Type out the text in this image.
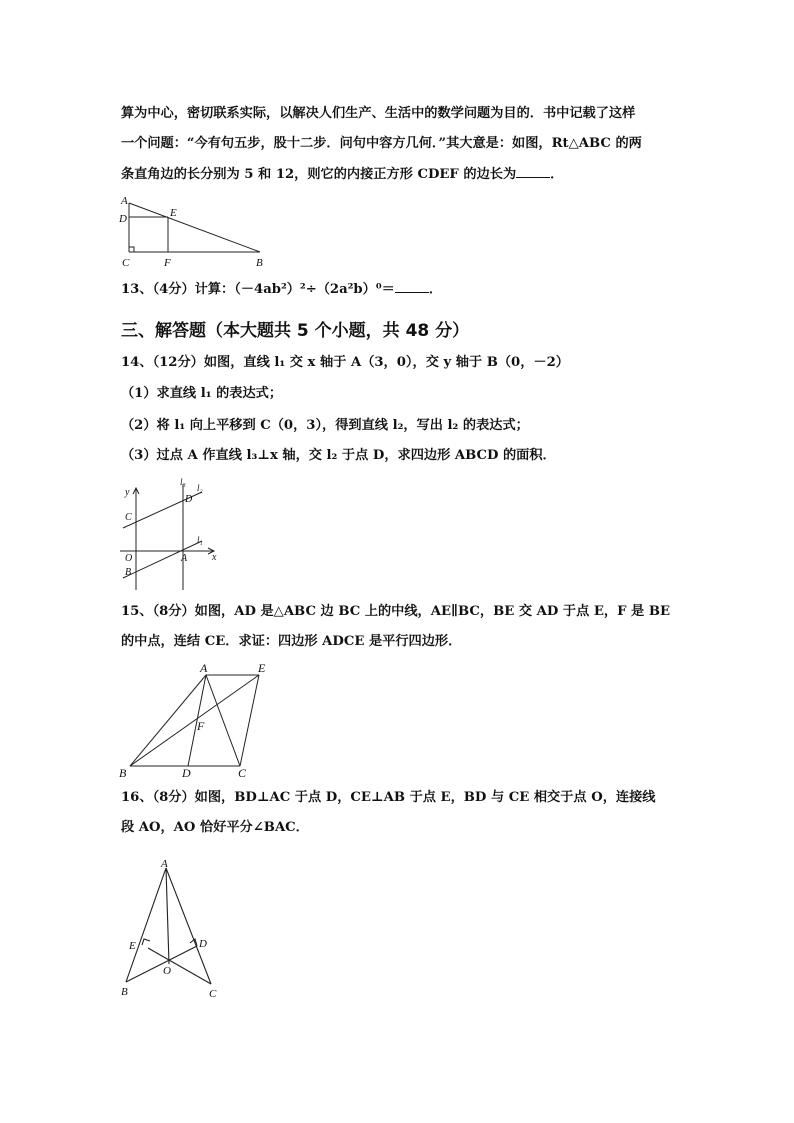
算为中心，密切联系实际，以解决人们生产、生活中的数学问题为目的．书中记载了这样
一个问题：“今有句五步，股十二步．问句中容方几何．”其大意是：如图，Rt△ABC 的两
条直角边的长分别为 5 和 12，则它的内接正方形 CDEF 的边长为	．
A
D	E
C	F	B
13、（4分）计算：（－4ab²）²÷（2a²b）⁰＝	．
三、解答题（本大题共 5 个小题，共 48 分）
14、（12分）如图，直线 l₁ 交 x 轴于 A（3，0），交 y 轴于 B（0，－2）
（1）求直线 l₁ 的表达式；
（2）将 l₁ 向上平移到 C（0，3），得到直线 l₂，写出 l₂ 的表达式；
（3）过点 A 作直线 l₃⊥x 轴，交 l₂ 于点 D，求四边形 ABCD 的面积．
y
x
O	A
B
C
D
l₁
l₂
l₃
15、（8分）如图，AD 是△ABC 边 BC 上的中线，AE∥BC，BE 交 AD 于点 E，F 是 BE
的中点，连结 CE．求证：四边形 ADCE 是平行四边形．
A	E
F
B	D	C
16、（8分）如图，BD⊥AC 于点 D，CE⊥AB 于点 E，BD 与 CE 相交于点 O，连接线
段 AO，AO 恰好平分∠BAC．
A
E	D
O
B	C
